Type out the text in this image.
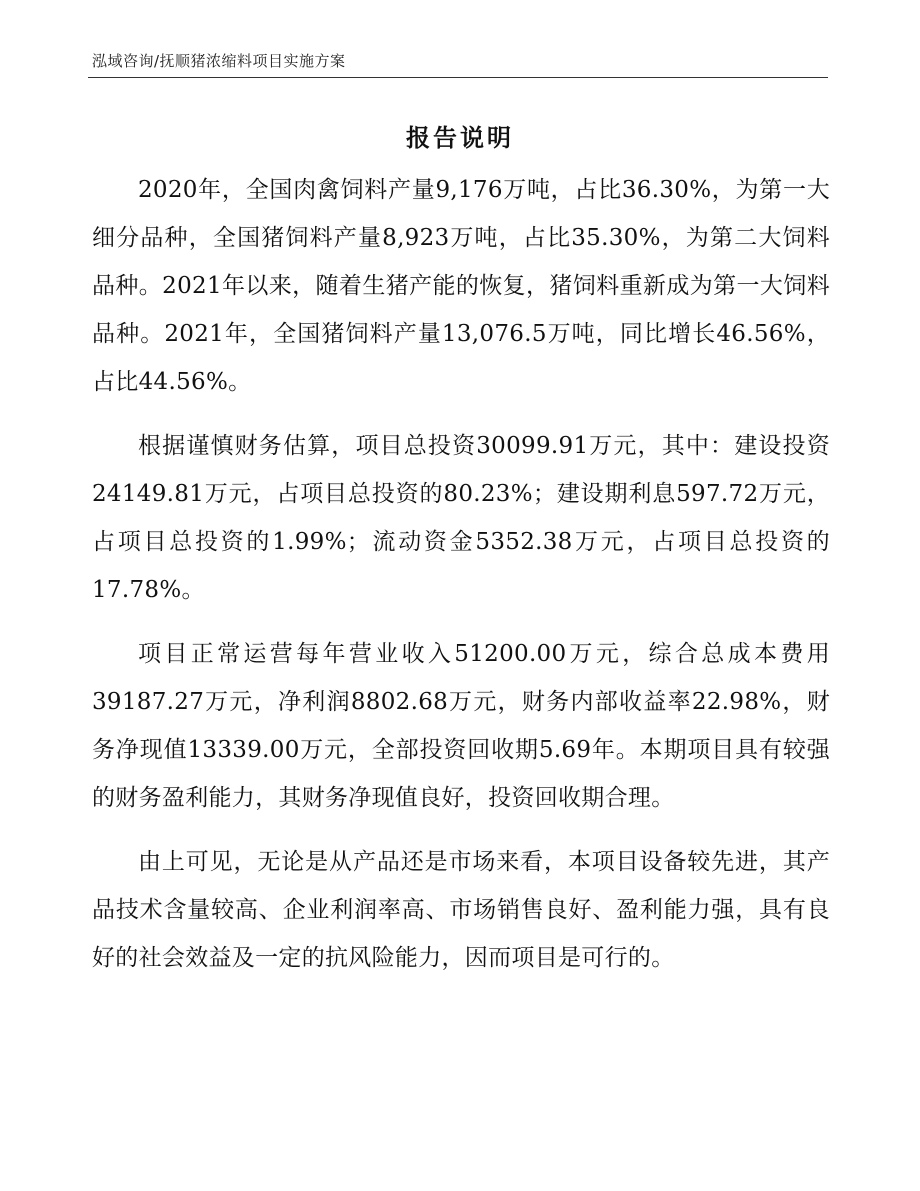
泓域咨询/抚顺猪浓缩料项目实施方案
报告说明

2020年，全国肉禽饲料产量9,176万吨，占比36.30%，为第一大细分品种，全国猪饲料产量8,923万吨，占比35.30%，为第二大饲料品种。2021年以来，随着生猪产能的恢复，猪饲料重新成为第一大饲料品种。2021年，全国猪饲料产量13,076.5万吨，同比增长46.56%，占比44.56%。

根据谨慎财务估算，项目总投资30099.91万元，其中：建设投资24149.81万元，占项目总投资的80.23%；建设期利息597.72万元，占项目总投资的1.99%；流动资金5352.38万元，占项目总投资的17.78%。

项目正常运营每年营业收入51200.00万元，综合总成本费用39187.27万元，净利润8802.68万元，财务内部收益率22.98%，财务净现值13339.00万元，全部投资回收期5.69年。本期项目具有较强的财务盈利能力，其财务净现值良好，投资回收期合理。

由上可见，无论是从产品还是市场来看，本项目设备较先进，其产品技术含量较高、企业利润率高、市场销售良好、盈利能力强，具有良好的社会效益及一定的抗风险能力，因而项目是可行的。
